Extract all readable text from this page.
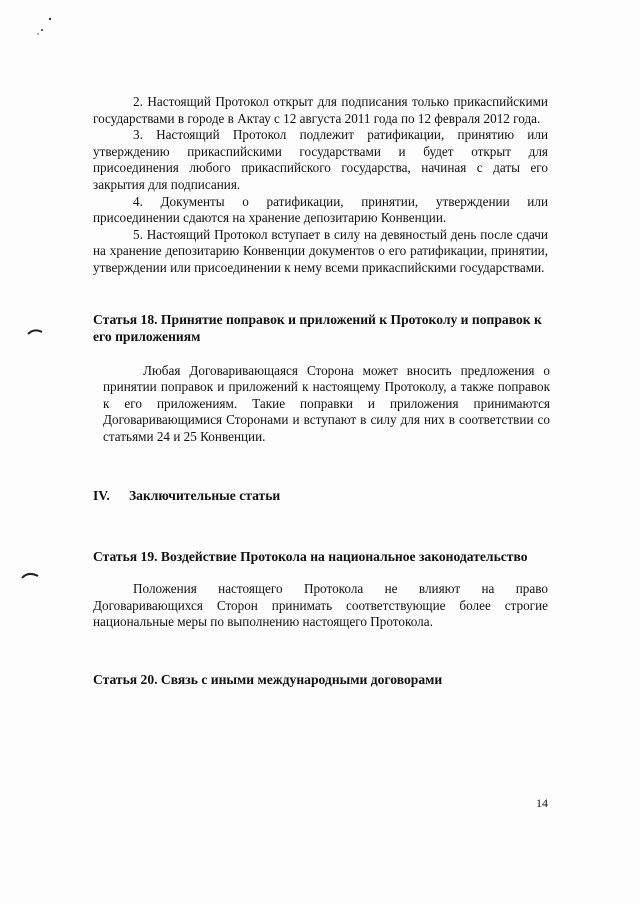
2. Настоящий Протокол открыт для подписания только прикаспийскими государствами в городе в Актау с 12 августа 2011 года по 12 февраля 2012 года.

3. Настоящий Протокол подлежит ратификации, принятию или утверждению прикаспийскими государствами и будет открыт для присоединения любого прикаспийского государства, начиная с даты его закрытия для подписания.

4. Документы о ратификации, принятии, утверждении или присоединении сдаются на хранение депозитарию Конвенции.

5. Настоящий Протокол вступает в силу на девяностый день после сдачи на хранение депозитарию Конвенции документов о его ратификации, принятии, утверждении или присоединении к нему всеми прикаспийскими государствами.

Статья 18. Принятие поправок и приложений к Протоколу и поправок к его приложениям

Любая Договаривающаяся Сторона может вносить предложения о принятии поправок и приложений к настоящему Протоколу, а также поправок к его приложениям. Такие поправки и приложения принимаются Договаривающимися Сторонами и вступают в силу для них в соответствии со статьями 24 и 25 Конвенции.

IV.	Заключительные статьи

Статья 19. Воздействие Протокола на национальное законодательство

Положения настоящего Протокола не влияют на право Договаривающихся Сторон принимать соответствующие более строгие национальные меры по выполнению настоящего Протокола.

Статья 20. Связь с иными международными договорами

14
